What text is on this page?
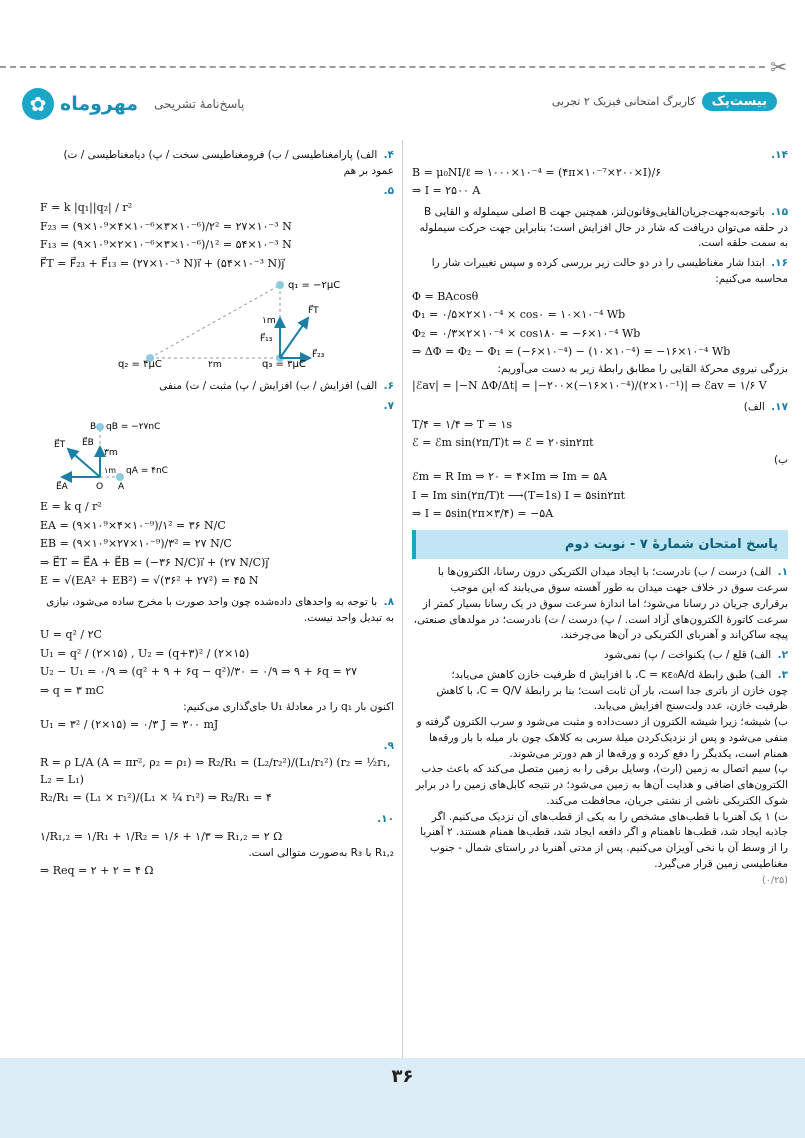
✂
✿ مهروماه پاسخ‌نامهٔ تشریحی	کاربرگ امتحانی فیزیک ۲ تجربی	بیست‌پک
۱۴.
B = μ₀NI/ℓ ⇒ ۱۰۰۰×۱۰⁻⁴ = (۴π×۱۰⁻⁷×۲۰۰×I)/۶
⇒ I = ۲۵۰۰ A
۱۵. باتوجه‌به‌جهت‌جریان‌القایی‌وقانون‌لنز، همچنین جهت B اصلی سیملوله و القایی B در حلقه می‌توان دریافت که شار در حال افزایش است؛ بنابراین جهت حرکت سیملوله به سمت حلقه است.
۱۶. ابتدا شار مغناطیسی را در دو حالت زیر بررسی کرده و سپس تغییرات شار را محاسبه می‌کنیم:
Φ = BAcosθ
Φ₁ = ۰/۵×۲×۱۰⁻⁴ × cos۰ = ۱۰×۱۰⁻⁴ Wb
Φ₂ = ۰/۳×۲×۱۰⁻⁴ × cos۱۸۰ = −۶×۱۰⁻⁴ Wb
⇒ ΔΦ = Φ₂ − Φ₁ = (−۶×۱۰⁻⁴) − (۱۰×۱۰⁻⁴) = −۱۶×۱۰⁻⁴ Wb
بزرگی نیروی محرکهٔ القایی را مطابق رابطهٔ زیر به دست می‌آوریم:
|ℰav| = |−N ΔΦ/Δt| = |−۲۰۰×(−۱۶×۱۰⁻⁴)/(۲×۱۰⁻¹)| ⇒ ℰav = ۱/۶ V
۱۷. الف)
T/۴ = ۱/۴ ⇒ T = ۱s
ℰ = ℰm sin(۲π/T)t ⇒ ℰ = ۲۰sin۲πt
ب)
ℰm = R Im ⇒ ۲۰ = ۴×Im ⇒ Im = ۵A
I = Im sin(۲π/T)t ⟶(T=1s) I = ۵sin۲πt
⇒ I = ۵sin(۲π×۳/۴) = −۵A
پاسخ امتحان شمارهٔ ۷ - نوبت دوم
۱. الف) درست / ب) نادرست؛ با ایجاد میدان الکتریکی درون رسانا، الکترون‌ها با سرعت سوق در خلاف جهت میدان به طور آهسته سوق می‌یابند که این موجب برقراری جریان در رسانا می‌شود؛ اما اندازهٔ سرعت سوق در یک رسانا بسیار کمتر از سرعت کاتورهٔ الکترون‌های آزاد است. / پ) درست / ت) نادرست؛ در مولدهای صنعتی، پیچه ساکن‌اند و آهنربای الکتریکی در آن‌ها می‌چرخند.
۲. الف) قلع / ب) یکنواخت / پ) نمی‌شود
۳. الف) طبق رابطهٔ C = κε₀A/d، با افزایش d ظرفیت خازن کاهش می‌یابد؛
چون خازن از باتری جدا است، بار آن ثابت است؛ بنا بر رابطهٔ C = Q/V، با کاهش ظرفیت خازن، عدد ولت‌سنج افزایش می‌یابد.
ب) شیشه؛ زیرا شیشه الکترون از دست‌داده و مثبت می‌شود و سرب الکترون گرفته و منفی می‌شود و پس از نزدیک‌کردن میلهٔ سربی به کلاهک چون بار میله با بار ورقه‌ها همنام است، یکدیگر را دفع کرده و ورقه‌ها از هم دورتر می‌شوند.
پ) سیم اتصال به زمین (ارت)، وسایل برقی را به زمین متصل می‌کند که باعث جذب الکترون‌های اضافی و هدایت آن‌ها به زمین می‌شود؛ در نتیجه کابل‌های زمین را در برابر شوک الکتریکی ناشی از نشتی جریان، محافظت می‌کند.
ت) ۱ یک آهنربا با قطب‌های مشخص را به یکی از قطب‌های آن نزدیک می‌کنیم. اگر جاذبه ایجاد شد، قطب‌ها ناهمنام و اگر دافعه ایجاد شد، قطب‌ها همنام هستند. ۲ آهنربا را از وسط آن با نخی آویزان می‌کنیم. پس از مدتی آهنربا در راستای شمال - جنوب مغناطیسی زمین قرار می‌گیرد.
(۰/۲۵)
۴. الف) پارامغناطیسی / ب) فرومغناطیسی سخت / پ) دیامغناطیسی / ت) عمود بر هم
۵.
F = k |q₁||q₂| / r²
F₂₃ = (۹×۱۰⁹×۴×۱۰⁻⁶×۳×۱۰⁻⁶)/۲² = ۲۷×۱۰⁻³ N
F₁₃ = (۹×۱۰⁹×۲×۱۰⁻⁶×۳×۱۰⁻⁶)/۱² = ۵۴×۱۰⁻³ N
F⃗T = F⃗₂₃ + F⃗₁₃ = (۲۷×۱۰⁻³ N)i⃗ + (۵۴×۱۰⁻³ N)j⃗
q₁ = −۲μC
q₂ = ۴μC	q₃ = ۳μC
۱m
۲m
F⃗T
F⃗₁₃
F⃗₂₃
۶. الف) افزایش / ب) افزایش / پ) مثبت / ت) منفی
۷.
qB = −۲۷nC
qA = ۴nC
B
۳m
۱m
O A
E⃗A
E⃗B
E⃗T
E = k q / r²
EA = (۹×۱۰⁹×۴×۱۰⁻⁹)/۱² = ۳۶ N/C
EB = (۹×۱۰⁹×۲۷×۱۰⁻⁹)/۳² = ۲۷ N/C
⇒ E⃗T = E⃗A + E⃗B = (−۳۶ N/C)i⃗ + (۲۷ N/C)j⃗
E = √(EA² + EB²) = √(۳۶² + ۲۷²) = ۴۵ N
۸. با توجه به واحدهای داده‌شده چون واحد صورت با مخرج ساده می‌شود، نیازی به تبدیل واحد نیست.
U = q² / ۲C
U₁ = q² / (۲×۱۵) , U₂ = (q+۳)² / (۲×۱۵)
U₂ − U₁ = ۰/۹ ⇒ (q² + ۹ + ۶q − q²)/۳۰ = ۰/۹ ⇒ ۹ + ۶q = ۲۷
⇒ q = ۳ mC
اکنون بار q₁ را در معادلهٔ U₁ جای‌گذاری می‌کنیم:
U₁ = ۳² / (۲×۱۵) = ۰/۳ J = ۳۰۰ mJ
۹.
R = ρ L/A (A = πr², ρ₂ = ρ₁) ⇒ R₂/R₁ = (L₂/r₂²)/(L₁/r₁²) (r₂ = ½r₁, L₂ = L₁)
R₂/R₁ = (L₁ × r₁²)/(L₁ × ¼ r₁²) ⇒ R₂/R₁ = ۴
۱۰.
۱/R₁,₂ = ۱/R₁ + ۱/R₂ = ۱/۶ + ۱/۳ ⇒ R₁,₂ = ۲ Ω
R₁,₂ با R₃ به‌صورت متوالی است.
⇒ Req = ۲ + ۲ = ۴ Ω
۳۶
